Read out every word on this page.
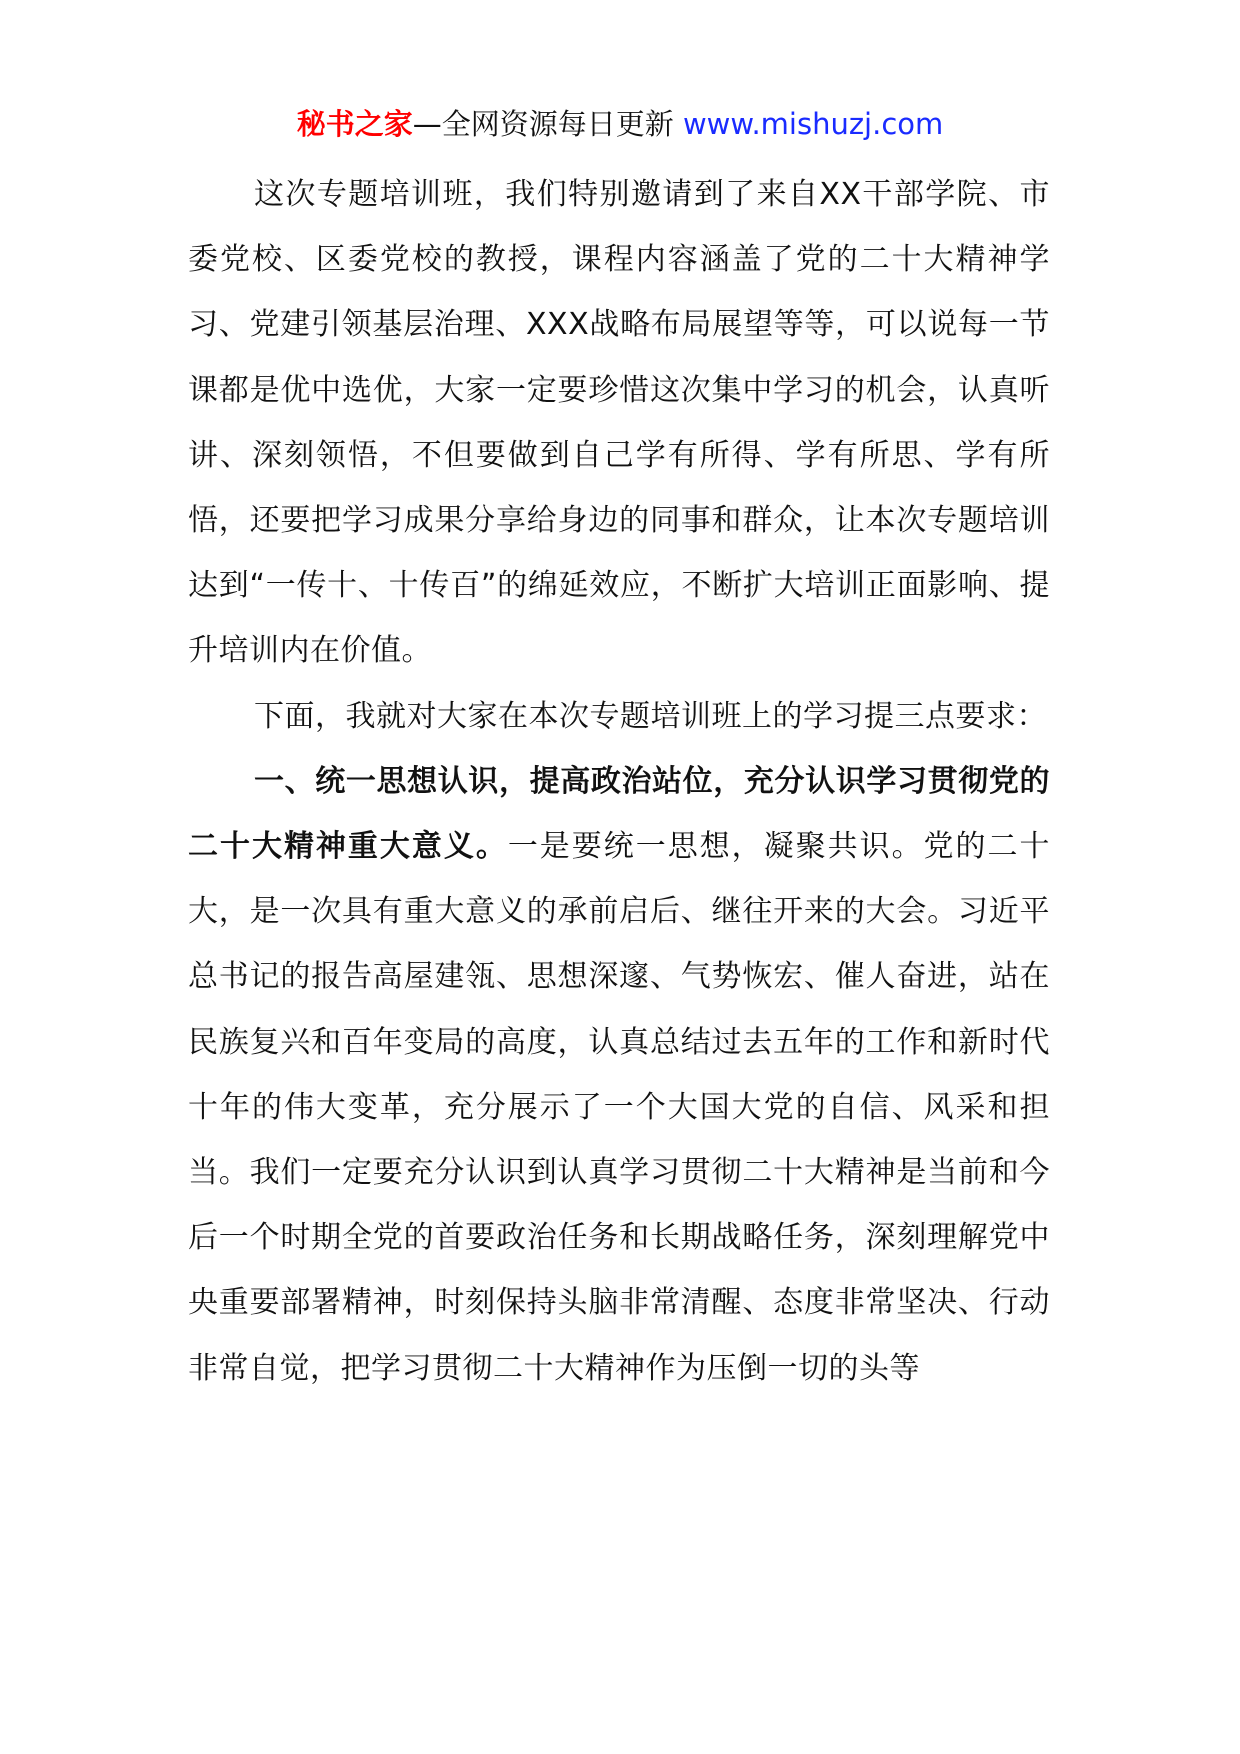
秘书之家—全网资源每日更新 www.mishuzj.com

这次专题培训班，我们特别邀请到了来自XX干部学院、市委党校、区委党校的教授，课程内容涵盖了党的二十大精神学习、党建引领基层治理、XXX战略布局展望等等，可以说每一节课都是优中选优，大家一定要珍惜这次集中学习的机会，认真听讲、深刻领悟，不但要做到自己学有所得、学有所思、学有所悟，还要把学习成果分享给身边的同事和群众，让本次专题培训达到“一传十、十传百”的绵延效应，不断扩大培训正面影响、提升培训内在价值。

下面，我就对大家在本次专题培训班上的学习提三点要求：

一、统一思想认识，提高政治站位，充分认识学习贯彻党的二十大精神重大意义。一是要统一思想，凝聚共识。党的二十大，是一次具有重大意义的承前启后、继往开来的大会。习近平总书记的报告高屋建瓴、思想深邃、气势恢宏、催人奋进，站在民族复兴和百年变局的高度，认真总结过去五年的工作和新时代十年的伟大变革，充分展示了一个大国大党的自信、风采和担当。我们一定要充分认识到认真学习贯彻二十大精神是当前和今后一个时期全党的首要政治任务和长期战略任务，深刻理解党中央重要部署精神，时刻保持头脑非常清醒、态度非常坚决、行动非常自觉，把学习贯彻二十大精神作为压倒一切的头等
